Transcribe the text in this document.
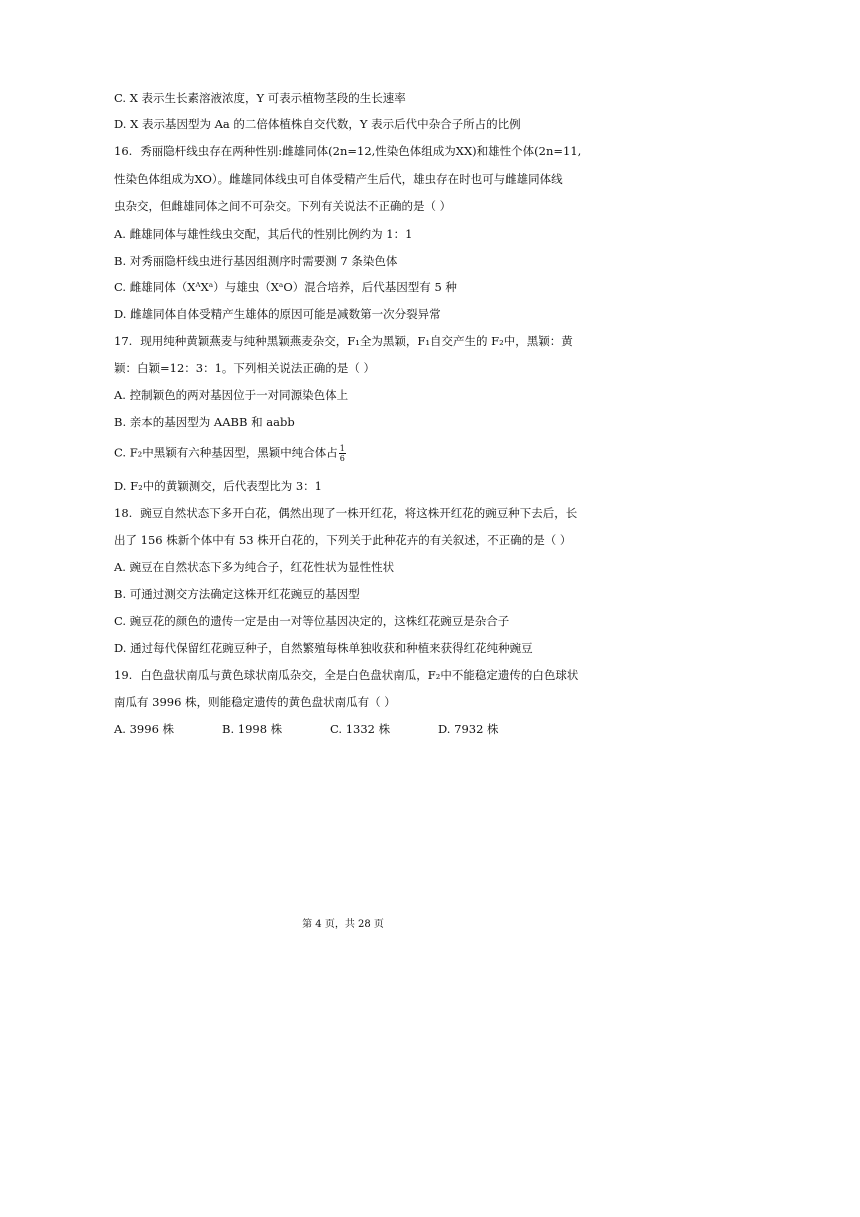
C. X 表示生长素溶液浓度，Y 可表示植物茎段的生长速率
D. X 表示基因型为 Aa 的二倍体植株自交代数，Y 表示后代中杂合子所占的比例
16. 秀丽隐杆线虫存在两种性别:雌雄同体(2n=12,性染色体组成为XX)和雄性个体(2n=11,
性染色体组成为XO）。雌雄同体线虫可自体受精产生后代，雄虫存在时也可与雌雄同体线
虫杂交，但雌雄同体之间不可杂交。下列有关说法不正确的是（ ）
A. 雌雄同体与雄性线虫交配，其后代的性别比例约为 1：1
B. 对秀丽隐杆线虫进行基因组测序时需要测 7 条染色体
C. 雌雄同体（XᴬXᵃ）与雄虫（XᵃO）混合培养，后代基因型有 5 种
D. 雌雄同体自体受精产生雄体的原因可能是减数第一次分裂异常
17. 现用纯种黄颖燕麦与纯种黑颖燕麦杂交，F₁全为黑颖，F₁自交产生的 F₂中，黑颖：黄
颖：白颖=12：3：1。下列相关说法正确的是（ ）
A. 控制颖色的两对基因位于一对同源染色体上
B. 亲本的基因型为 AABB 和 aabb
C. F₂中黑颖有六种基因型，黑颖中纯合体占 $\frac{1}{6}$
D. F₂中的黄颖测交，后代表型比为 3：1
18. 豌豆自然状态下多开白花，偶然出现了一株开红花，将这株开红花的豌豆种下去后，长
出了 156 株新个体中有 53 株开白花的，下列关于此种花卉的有关叙述，不正确的是（ ）
A. 豌豆在自然状态下多为纯合子，红花性状为显性性状
B. 可通过测交方法确定这株开红花豌豆的基因型
C. 豌豆花的颜色的遗传一定是由一对等位基因决定的，这株红花豌豆是杂合子
D. 通过每代保留红花豌豆种子，自然繁殖每株单独收获和种植来获得红花纯种豌豆
19. 白色盘状南瓜与黄色球状南瓜杂交，全是白色盘状南瓜，F₂中不能稳定遗传的白色球状
南瓜有 3996 株，则能稳定遗传的黄色盘状南瓜有（ ）
A. 3996 株	B. 1998 株	C. 1332 株	D. 7932 株
第 4 页，共 28 页
